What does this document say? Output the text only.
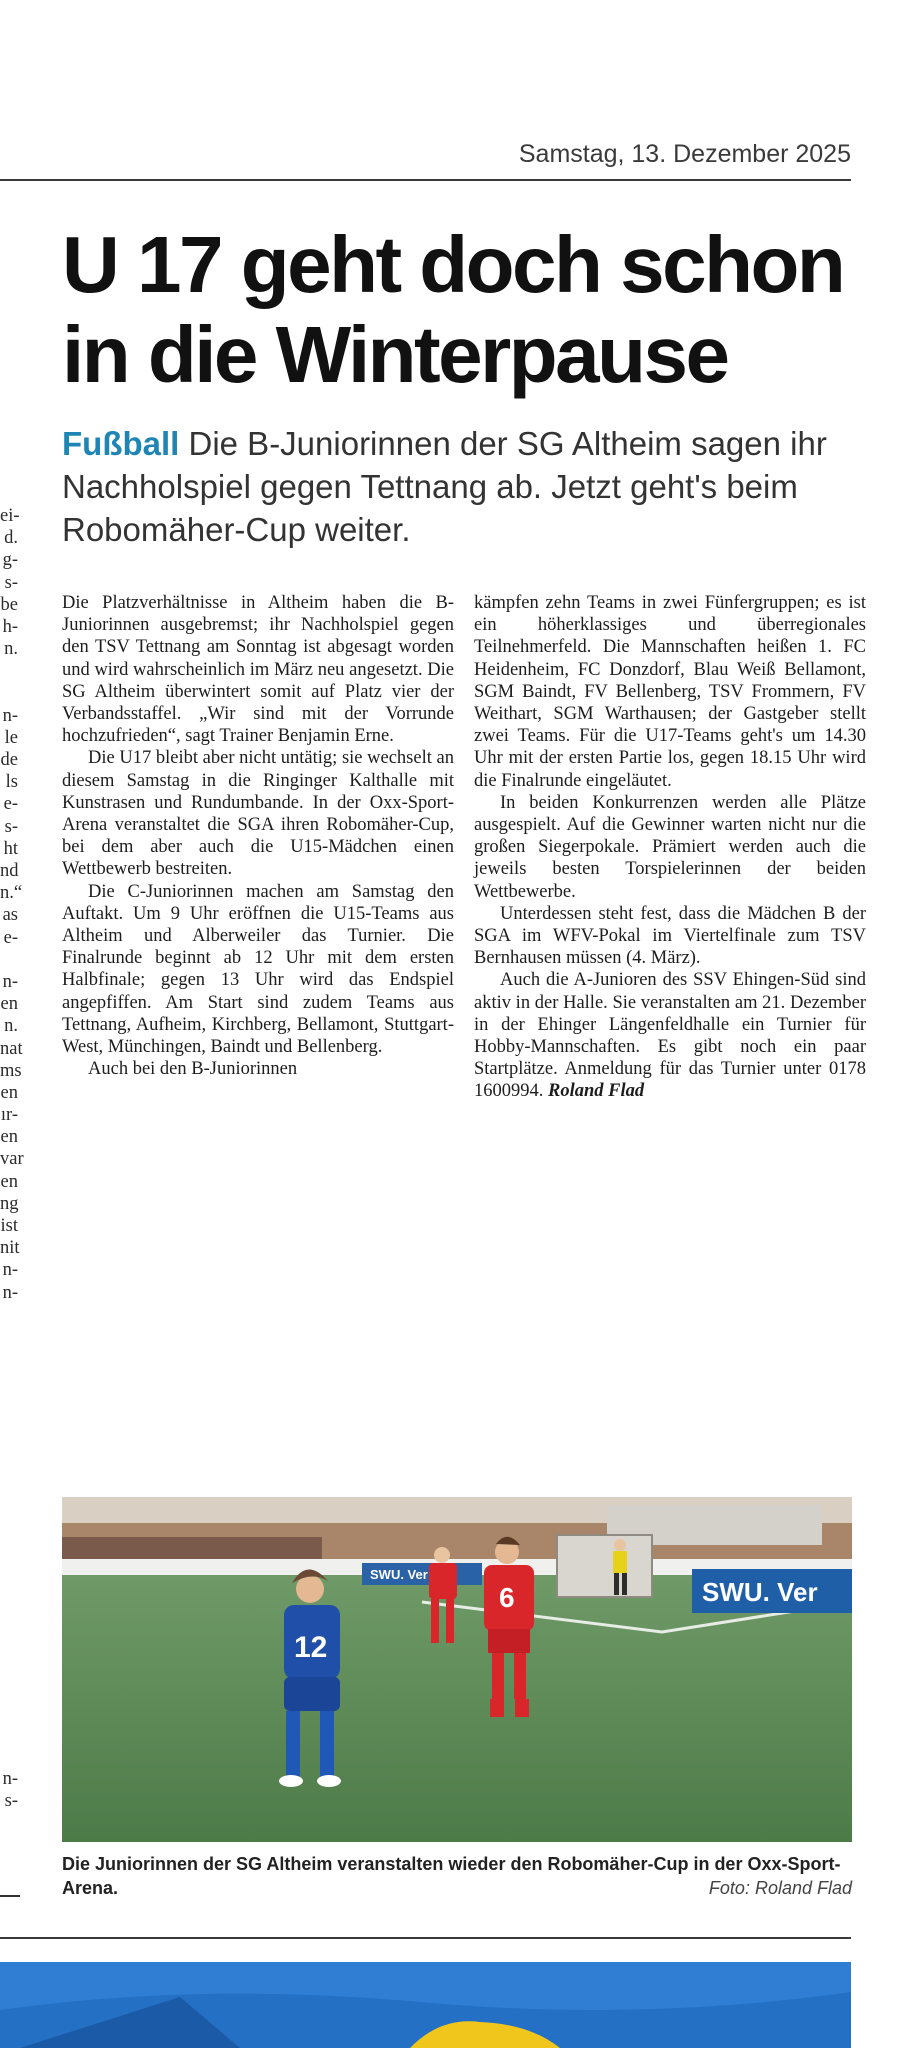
Samstag, 13. Dezember 2025
U 17 geht doch schon
in die Winterpause

Fußball Die B-Juniorinnen der SG Altheim sagen ihr Nachholspiel gegen Tettnang ab. Jetzt geht's beim Robomäher-Cup weiter.

ei-
d.
g-
s-
be
h-
n.
n-
le
de
ls
e-
s-
ht
nd
n.“
as
e-
n-
en
n.
nat
ms
en
ır-
en
var
en
ng
ist
nit
n-
n-

Die Platzverhältnisse in Altheim haben die B-Juniorinnen ausgebremst; ihr Nachholspiel gegen den TSV Tettnang am Sonntag ist abgesagt worden und wird wahrscheinlich im März neu angesetzt. Die SG Altheim überwintert somit auf Platz vier der Verbandsstaffel. „Wir sind mit der Vorrunde hochzufrieden“, sagt Trainer Benjamin Erne.

Die U17 bleibt aber nicht untätig; sie wechselt an diesem Samstag in die Ringinger Kalthalle mit Kunstrasen und Rundumbande. In der Oxx-Sport-Arena veranstaltet die SGA ihren Robomäher-Cup, bei dem aber auch die U15-Mädchen einen Wettbewerb bestreiten.

Die C-Juniorinnen machen am Samstag den Auftakt. Um 9 Uhr eröffnen die U15-Teams aus Altheim und Alberweiler das Turnier. Die Finalrunde beginnt ab 12 Uhr mit dem ersten Halbfinale; gegen 13 Uhr wird das Endspiel angepfiffen. Am Start sind zudem Teams aus Tettnang, Aufheim, Kirchberg, Bellamont, Stuttgart-West, Münchingen, Baindt und Bellenberg.

Auch bei den B-Juniorinnen

kämpfen zehn Teams in zwei Fünfergruppen; es ist ein höherklassiges und überregionales Teilnehmerfeld. Die Mannschaften heißen 1. FC Heidenheim, FC Donzdorf, Blau Weiß Bellamont, SGM Baindt, FV Bellenberg, TSV Frommern, FV Weithart, SGM Warthausen; der Gastgeber stellt zwei Teams. Für die U17-Teams geht's um 14.30 Uhr mit der ersten Partie los, gegen 18.15 Uhr wird die Finalrunde eingeläutet.

In beiden Konkurrenzen werden alle Plätze ausgespielt. Auf die Gewinner warten nicht nur die großen Siegerpokale. Prämiert werden auch die jeweils besten Torspielerinnen der beiden Wettbewerbe.

Unterdessen steht fest, dass die Mädchen B der SGA im WFV-Pokal im Viertelfinale zum TSV Bernhausen müssen (4. März).

Auch die A-Junioren des SSV Ehingen-Süd sind aktiv in der Halle. Sie veranstalten am 21. Dezember in der Ehinger Längenfeldhalle ein Turnier für Hobby-Mannschaften. Es gibt noch ein paar Startplätze. Anmeldung für das Turnier unter 0178 1600994. Roland Flad

SWU. Ver
SWU. Ver
6
12
Die Juniorinnen der SG Altheim veranstalten wieder den Robomäher-Cup in der Oxx-Sport-Arena.	Foto: Roland Flad
n-
s-
